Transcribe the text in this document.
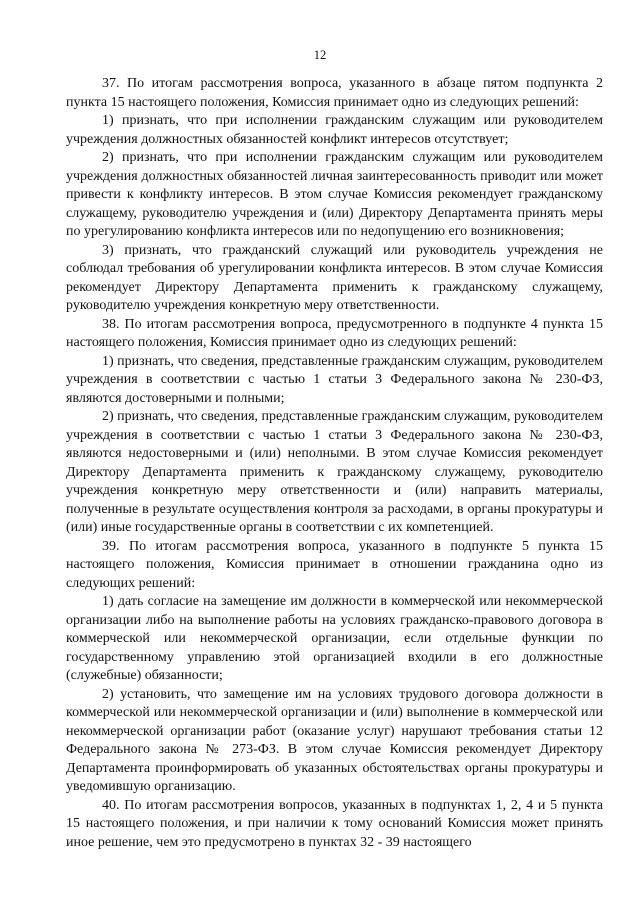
12

37. По итогам рассмотрения вопроса, указанного в абзаце пятом подпункта 2 пункта 15 настоящего положения, Комиссия принимает одно из следующих решений:

1) признать, что при исполнении гражданским служащим или руководителем учреждения должностных обязанностей конфликт интересов отсутствует;

2) признать, что при исполнении гражданским служащим или руководителем учреждения должностных обязанностей личная заинтересованность приводит или может привести к конфликту интересов. В этом случае Комиссия рекомендует гражданскому служащему, руководителю учреждения и (или) Директору Департамента принять меры по урегулированию конфликта интересов или по недопущению его возникновения;

3) признать, что гражданский служащий или руководитель учреждения не соблюдал требования об урегулировании конфликта интересов. В этом случае Комиссия рекомендует Директору Департамента применить к гражданскому служащему, руководителю учреждения конкретную меру ответственности.

38. По итогам рассмотрения вопроса, предусмотренного в подпункте 4 пункта 15 настоящего положения, Комиссия принимает одно из следующих решений:

1) признать, что сведения, представленные гражданским служащим, руководителем учреждения в соответствии с частью 1 статьи 3 Федерального закона № 230-ФЗ, являются достоверными и полными;

2) признать, что сведения, представленные гражданским служащим, руководителем учреждения в соответствии с частью 1 статьи 3 Федерального закона № 230-ФЗ, являются недостоверными и (или) неполными. В этом случае Комиссия рекомендует Директору Департамента применить к гражданскому служащему, руководителю учреждения конкретную меру ответственности и (или) направить материалы, полученные в результате осуществления контроля за расходами, в органы прокуратуры и (или) иные государственные органы в соответствии с их компетенцией.

39. По итогам рассмотрения вопроса, указанного в подпункте 5 пункта 15 настоящего положения, Комиссия принимает в отношении гражданина одно из следующих решений:

1) дать согласие на замещение им должности в коммерческой или некоммерческой организации либо на выполнение работы на условиях гражданско-правового договора в коммерческой или некоммерческой организации, если отдельные функции по государственному управлению этой организацией входили в его должностные (служебные) обязанности;

2) установить, что замещение им на условиях трудового договора должности в коммерческой или некоммерческой организации и (или) выполнение в коммерческой или некоммерческой организации работ (оказание услуг) нарушают требования статьи 12 Федерального закона № 273-ФЗ. В этом случае Комиссия рекомендует Директору Департамента проинформировать об указанных обстоятельствах органы прокуратуры и уведомившую организацию.

40. По итогам рассмотрения вопросов, указанных в подпунктах 1, 2, 4 и 5 пункта 15 настоящего положения, и при наличии к тому оснований Комиссия может принять иное решение, чем это предусмотрено в пунктах 32 - 39 настоящего
